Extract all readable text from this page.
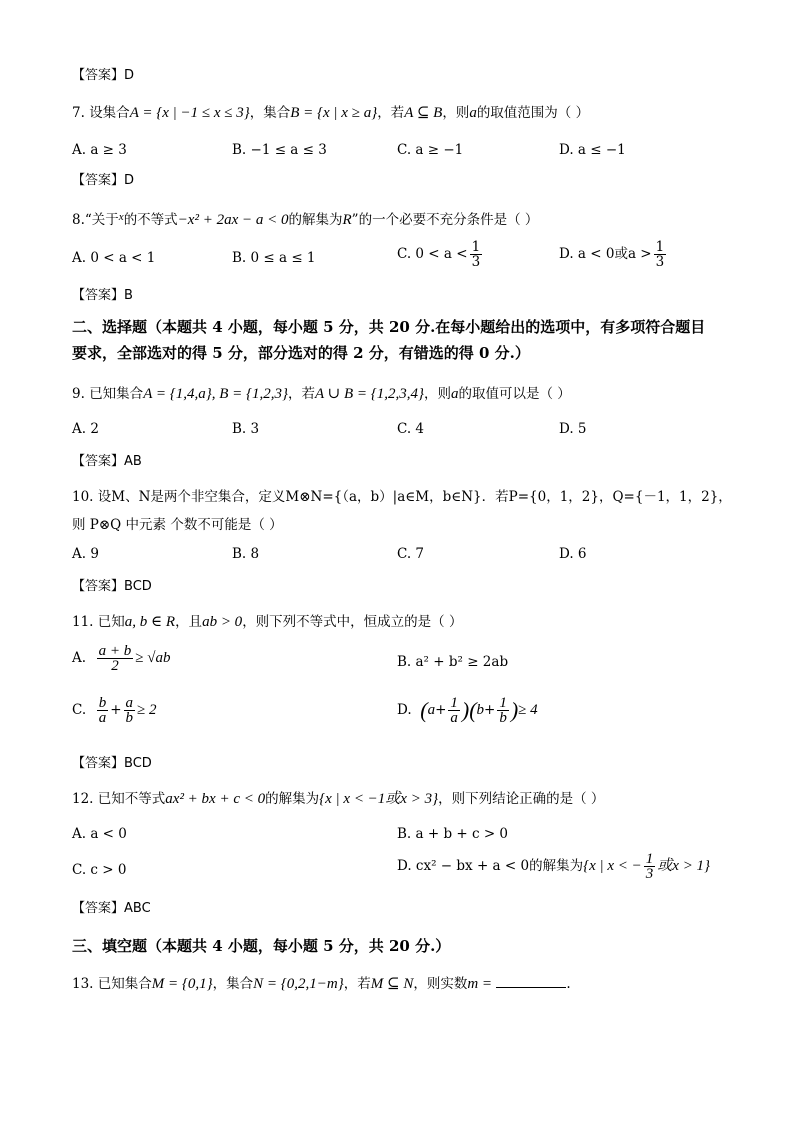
【答案】D
7. 设集合A = {x | −1 ≤ x ≤ 3}，集合B = {x | x ≥ a}，若A ⊆ B，则a的取值范围为（ ）
A. a ≥ 3	B. −1 ≤ a ≤ 3	C. a ≥ −1	D. a ≤ −1
【答案】D
8.“关于$^x$的不等式−x² + 2ax − a < 0的解集为R”的一个必要不充分条件是（ ）
A. 0 < a < 1	B. 0 ≤ a ≤ 1	C. $0 < a < \frac{1}{3}$	D. a < 0或$a > \frac{1}{3}$
【答案】B
二、选择题（本题共 4 小题，每小题 5 分，共 20 分.在每小题给出的选项中，有多项符合题目
要求，全部选对的得 5 分，部分选对的得 2 分，有错选的得 0 分.）
9. 已知集合A = {1,4,a}, B = {1,2,3}，若A ∪ B = {1,2,3,4}，则a的取值可以是（ ）
A. 2	B. 3	C. 4	D. 5
【答案】AB
10. 设M、N是两个非空集合，定义M⊗N={（a，b）|a∈M，b∈N}．若P={0，1，2}，Q={－1，1，2}，
则 P⊗Q 中元素 个数不可能是（ ）
A. 9	B. 8	C. 7	D. 6
【答案】BCD
11. 已知a, b ∈ R，且ab > 0，则下列不等式中，恒成立的是（ ）
A. $\frac{a + b}{2} \ge √ab$	B. a² + b² ≥ 2ab
C. $\frac{b}{a} + \frac{a}{b} \ge 2$	D. $(a+ \frac{1}{a} )(b+ \frac{1}{b}$ )≥ 4
【答案】BCD
12. 已知不等式ax² + bx + c < 0的解集为{x | x < −1或x > 3}，则下列结论正确的是（ ）
A. a < 0	B. a + b + c > 0
C. c > 0	D. cx² − bx + a < 0的解集为{x | x < − $\frac{1}{3}$ 或x > 1}
【答案】ABC
三、填空题（本题共 4 小题，每小题 5 分，共 20 分.）
13. 已知集合M = {0,1}，集合N = {0,2,1−m}，若M ⊆ N，则实数m =	.
